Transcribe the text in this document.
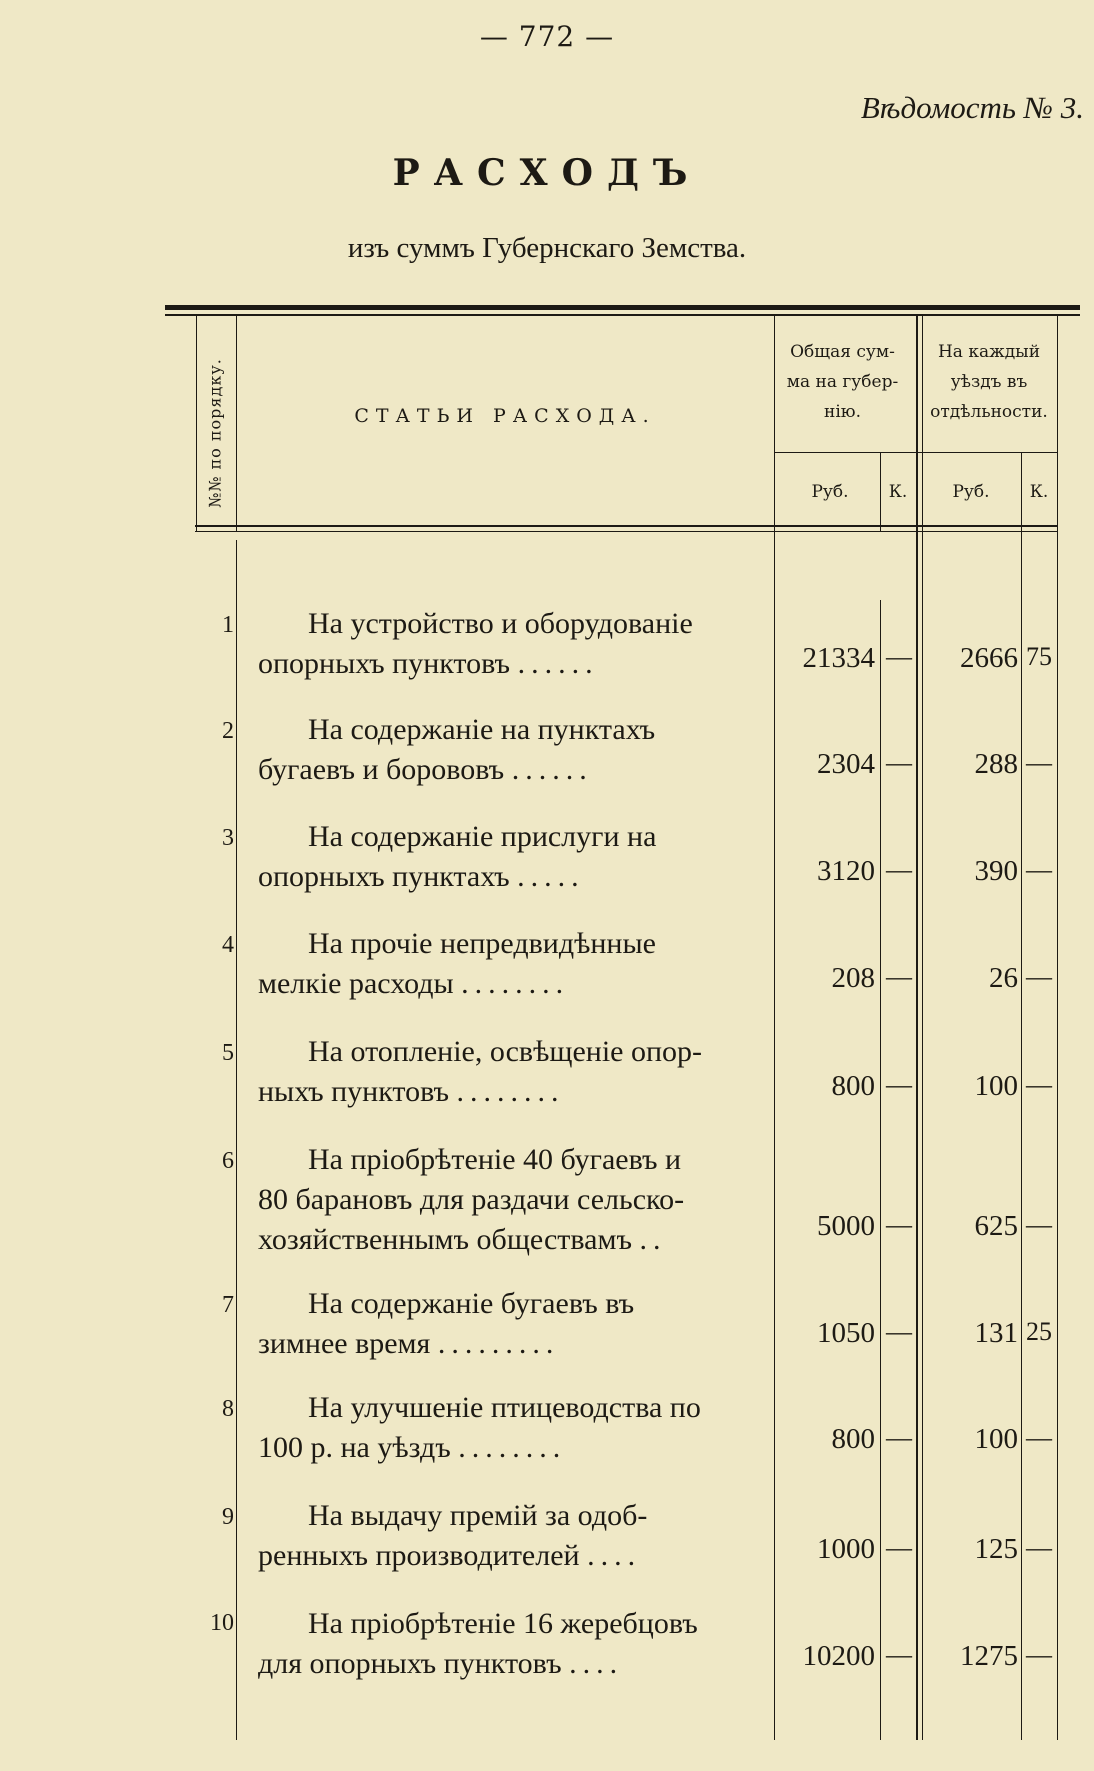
— 772 —
Вѣдомость № 3.
РАСХОДЪ
изъ суммъ Губернскаго Земства.
№№ по порядку.	СТАТЬИ РАСХОДА.
Общая сум-
ма на губер-
нію.
На каждый
уѣздъ въ
отдѣльности.
Руб.	К.	Руб.	К.
1	На устройство и оборудованіе
опорныхъ пунктовъ ......	21334 —	2666 75
2	На содержаніе на пунктахъ
бугаевъ и борововъ ......	2304 —	288 —
3	На содержаніе прислуги на
опорныхъ пунктахъ .....	3120 —	390 —
4	На прочіе непредвидѣнные
мелкіе расходы ........	208 —	26 —
5	На отопленіе, освѣщеніе опор-
ныхъ пунктовъ ........	800 —	100 —
6	На пріобрѣтеніе 40 бугаевъ и
80 барановъ для раздачи сельско-
хозяйственнымъ обществамъ ..	5000 —	625 —
7	На содержаніе бугаевъ въ
зимнее время .........	1050 —	131 25
8	На улучшеніе птицеводства по
100 р. на уѣздъ ........	800 —	100 —
9	На выдачу премій за одоб-
ренныхъ производителей ....	1000 —	125 —
10	На пріобрѣтеніе 16 жеребцовъ
для опорныхъ пунктовъ ....	10200 —	1275 —
